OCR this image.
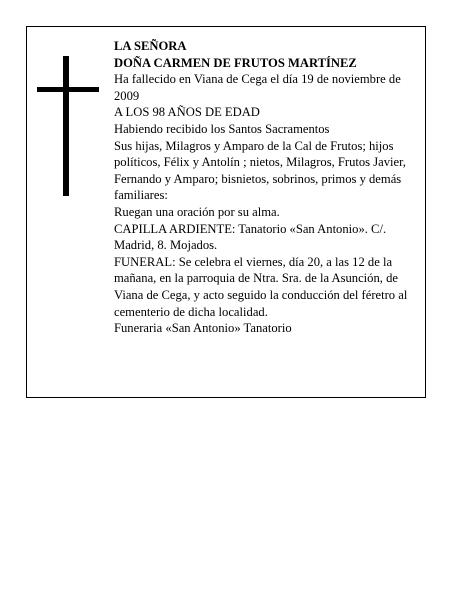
LA SEÑORA

DOÑA CARMEN DE FRUTOS MARTÍNEZ

Ha fallecido en Viana de Cega el día 19 de noviembre de 2009

A LOS 98 AÑOS DE EDAD

Habiendo recibido los Santos Sacramentos

Sus hijas, Milagros y Amparo de la Cal de Frutos; hijos políticos, Félix y Antolín ; nietos, Milagros, Frutos Javier, Fernando y Amparo; bisnietos, sobrinos, primos y demás familiares:

Ruegan una oración por su alma.

CAPILLA ARDIENTE: Tanatorio «San Antonio». C/. Madrid, 8. Mojados.

FUNERAL: Se celebra el viernes, día 20, a las 12 de la mañana, en la parroquia de Ntra. Sra. de la Asunción, de Viana de Cega, y acto seguido la conducción del féretro al cementerio de dicha localidad.

Funeraria «San Antonio» Tanatorio
